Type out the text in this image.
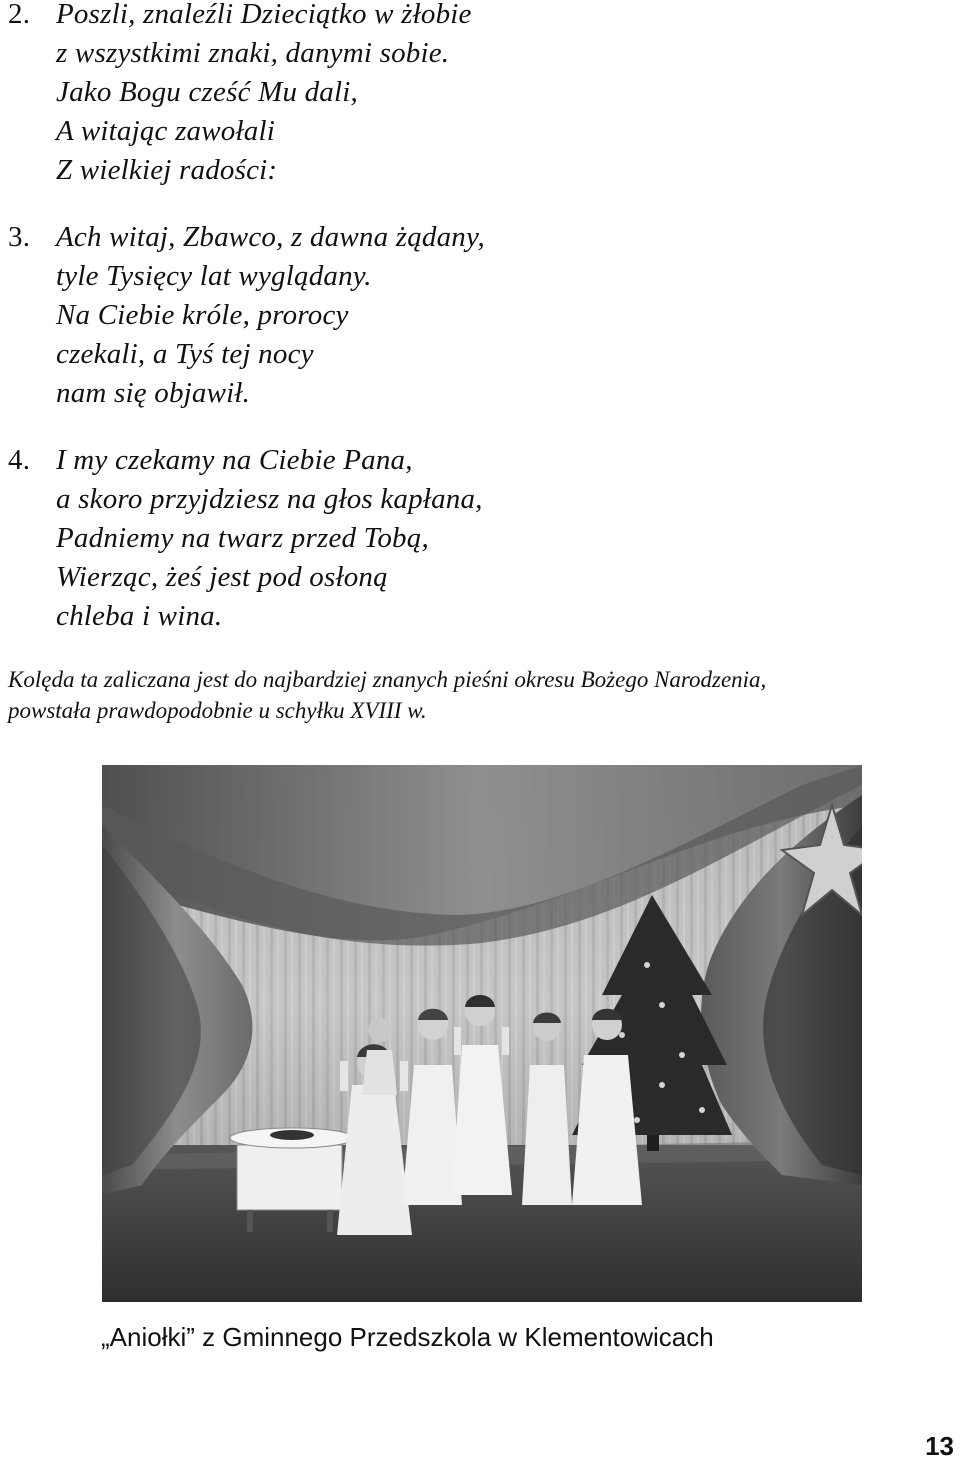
2. Poszli, znaleźli Dzieciątko w żłobie
z wszystkimi znaki, danymi sobie.
Jako Bogu cześć Mu dali,
A witając zawołali
Z wielkiej radości:
3. Ach witaj, Zbawco, z dawna żądany,
tyle Tysięcy lat wyglądany.
Na Ciebie króle, prorocy
czekali, a Tyś tej nocy
nam się objawił.
4. I my czekamy na Ciebie Pana,
a skoro przyjdziesz na głos kapłana,
Padniemy na twarz przed Tobą,
Wierząc, żeś jest pod osłoną
chleba i wina.
Kolęda ta zaliczana jest do najbardziej znanych pieśni okresu Bożego Narodzenia,
powstała prawdopodobnie u schyłku XVIII w.
„Aniołki” z Gminnego Przedszkola w Klementowicach
13
